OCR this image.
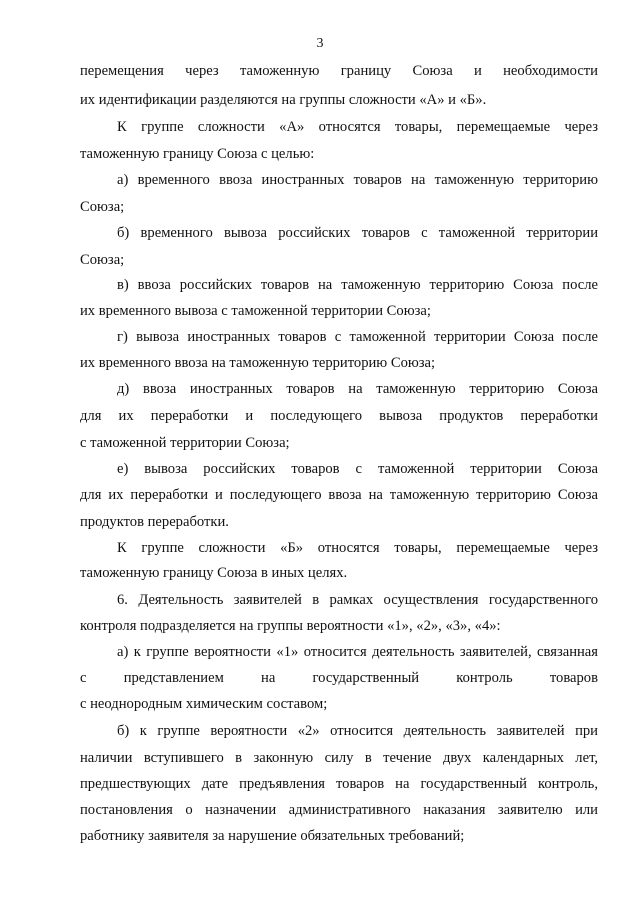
3
перемещения через таможенную границу Союза и необходимости
их идентификации разделяются на группы сложности «А» и «Б».
К группе сложности «А» относятся товары, перемещаемые через
таможенную границу Союза с целью:
а) временного ввоза иностранных товаров на таможенную территорию
Союза;
б) временного вывоза российских товаров с таможенной территории
Союза;
в) ввоза российских товаров на таможенную территорию Союза после
их временного вывоза с таможенной территории Союза;
г) вывоза иностранных товаров с таможенной территории Союза после
их временного ввоза на таможенную территорию Союза;
д) ввоза иностранных товаров на таможенную территорию Союза
для их переработки и последующего вывоза продуктов переработки
с таможенной территории Союза;
е) вывоза российских товаров с таможенной территории Союза
для их переработки и последующего ввоза на таможенную территорию Союза
продуктов переработки.
К группе сложности «Б» относятся товары, перемещаемые через
таможенную границу Союза в иных целях.
6. Деятельность заявителей в рамках осуществления государственного
контроля подразделяется на группы вероятности «1», «2», «3», «4»:
а) к группе вероятности «1» относится деятельность заявителей, связанная
с представлением на государственный контроль товаров
с неоднородным химическим составом;
б) к группе вероятности «2» относится деятельность заявителей при
наличии вступившего в законную силу в течение двух календарных лет,
предшествующих дате предъявления товаров на государственный контроль,
постановления о назначении административного наказания заявителю или
работнику заявителя за нарушение обязательных требований;
